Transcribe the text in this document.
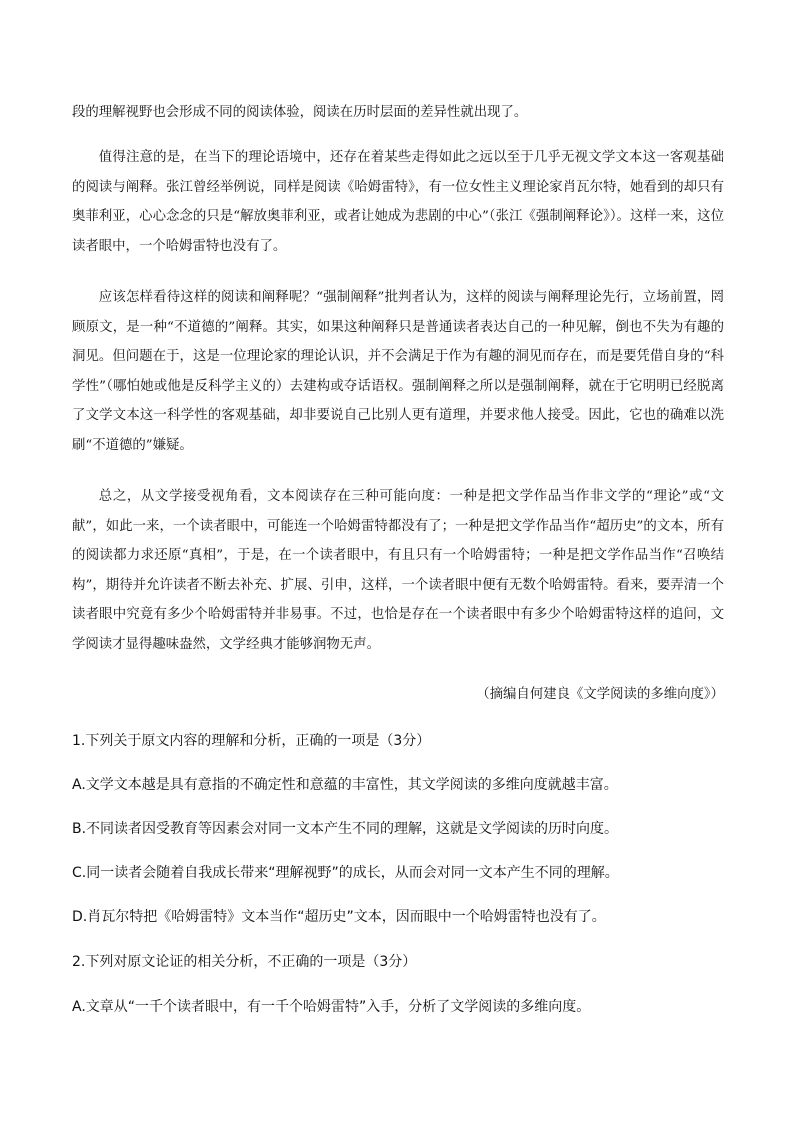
段的理解视野也会形成不同的阅读体验，阅读在历时层面的差异性就出现了。

值得注意的是，在当下的理论语境中，还存在着某些走得如此之远以至于几乎无视文学文本这一客观基础的阅读与阐释。张江曾经举例说，同样是阅读《哈姆雷特》，有一位女性主义理论家肖瓦尔特，她看到的却只有奥菲利亚，心心念念的只是“解放奥菲利亚，或者让她成为悲剧的中心”（张江《强制阐释论》）。这样一来，这位读者眼中，一个哈姆雷特也没有了。

应该怎样看待这样的阅读和阐释呢？“强制阐释”批判者认为，这样的阅读与阐释理论先行，立场前置，罔顾原文，是一种“不道德的”阐释。其实，如果这种阐释只是普通读者表达自己的一种见解，倒也不失为有趣的洞见。但问题在于，这是一位理论家的理论认识，并不会满足于作为有趣的洞见而存在，而是要凭借自身的“科学性”（哪怕她或他是反科学主义的）去建构或夺话语权。强制阐释之所以是强制阐释，就在于它明明已经脱离了文学文本这一科学性的客观基础，却非要说自己比别人更有道理，并要求他人接受。因此，它也的确难以洗刷“不道德的”嫌疑。

总之，从文学接受视角看，文本阅读存在三种可能向度：一种是把文学作品当作非文学的“理论”或“文献”，如此一来，一个读者眼中，可能连一个哈姆雷特都没有了；一种是把文学作品当作“超历史”的文本，所有的阅读都力求还原“真相”，于是，在一个读者眼中，有且只有一个哈姆雷特；一种是把文学作品当作“召唤结构”，期待并允许读者不断去补充、扩展、引申，这样，一个读者眼中便有无数个哈姆雷特。看来，要弄清一个读者眼中究竟有多少个哈姆雷特并非易事。不过，也恰是存在一个读者眼中有多少个哈姆雷特这样的追问，文学阅读才显得趣味盎然，文学经典才能够润物无声。

（摘编自何建良《文学阅读的多维向度》）

1.下列关于原文内容的理解和分析，正确的一项是（3分）

A.文学文本越是具有意指的不确定性和意蕴的丰富性，其文学阅读的多维向度就越丰富。

B.不同读者因受教育等因素会对同一文本产生不同的理解，这就是文学阅读的历时向度。

C.同一读者会随着自我成长带来“理解视野”的成长，从而会对同一文本产生不同的理解。

D.肖瓦尔特把《哈姆雷特》文本当作“超历史”文本，因而眼中一个哈姆雷特也没有了。

2.下列对原文论证的相关分析，不正确的一项是（3分）

A.文章从“一千个读者眼中，有一千个哈姆雷特”入手，分析了文学阅读的多维向度。
